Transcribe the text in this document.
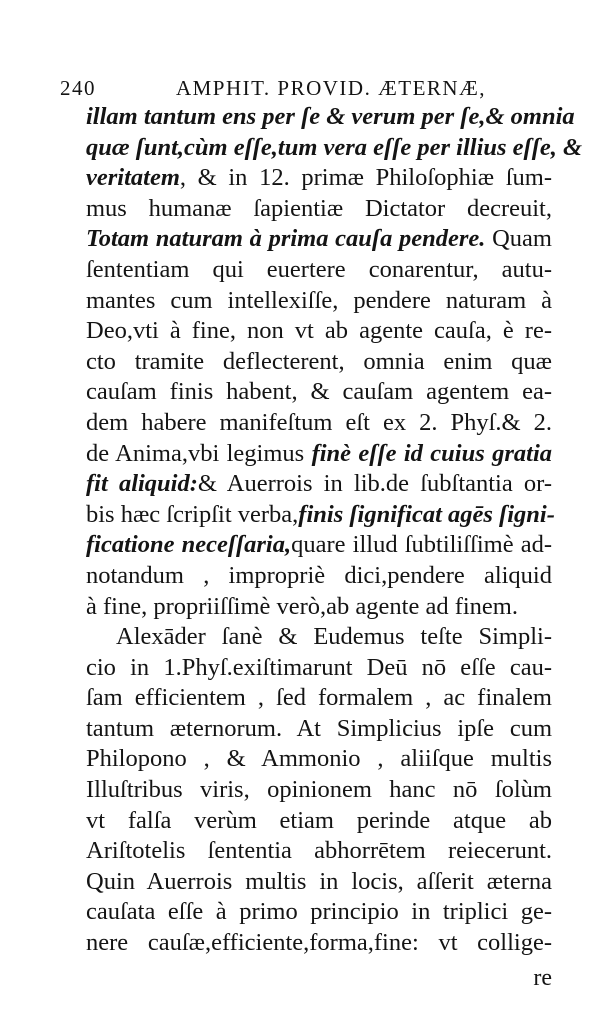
240	AMPHIT. PROVID. ÆTERNÆ,
illam tantum ens per ſe & verum per ſe,& omnia
quæ ſunt,cùm eſſe,tum vera eſſe per illius eſſe, &
veritatem, & in 12. primæ Philoſophiæ ſum-
mus humanæ ſapientiæ Dictator decreuit,
Totam naturam à prima cauſa pendere. Quam
ſententiam qui euertere conarentur, autu-
mantes cum intellexiſſe, pendere naturam à
Deo,vti à fine, non vt ab agente cauſa, è re-
cto tramite deflecterent, omnia enim quæ
cauſam finis habent, & cauſam agentem ea-
dem habere manifeſtum eſt ex 2. Phyſ.& 2.
de Anima,vbi legimus finè eſſe id cuius gratia
fit aliquid:& Auerrois in lib.de ſubſtantia or-
bis hæc ſcripſit verba,finis ſignificat agēs ſigni-
ficatione neceſſaria,quare illud ſubtiliſſimè ad-
notandum , impropriè dici,pendere aliquid
à fine, propriiſſimè verò,ab agente ad finem.
Alexāder ſanè & Eudemus teſte Simpli-
cio in 1.Phyſ.exiſtimarunt Deū nō eſſe cau-
ſam efficientem , ſed formalem , ac finalem
tantum æternorum. At Simplicius ipſe cum
Philopono , & Ammonio , aliiſque multis
Illuſtribus viris, opinionem hanc nō ſolùm
vt falſa verùm etiam perinde atque ab
Ariſtotelis ſententia abhorrētem reiecerunt.
Quin Auerrois multis in locis, aſſerit æterna
cauſata eſſe à primo principio in triplici ge-
nere cauſæ,efficiente,forma,fine: vt collige-
re
